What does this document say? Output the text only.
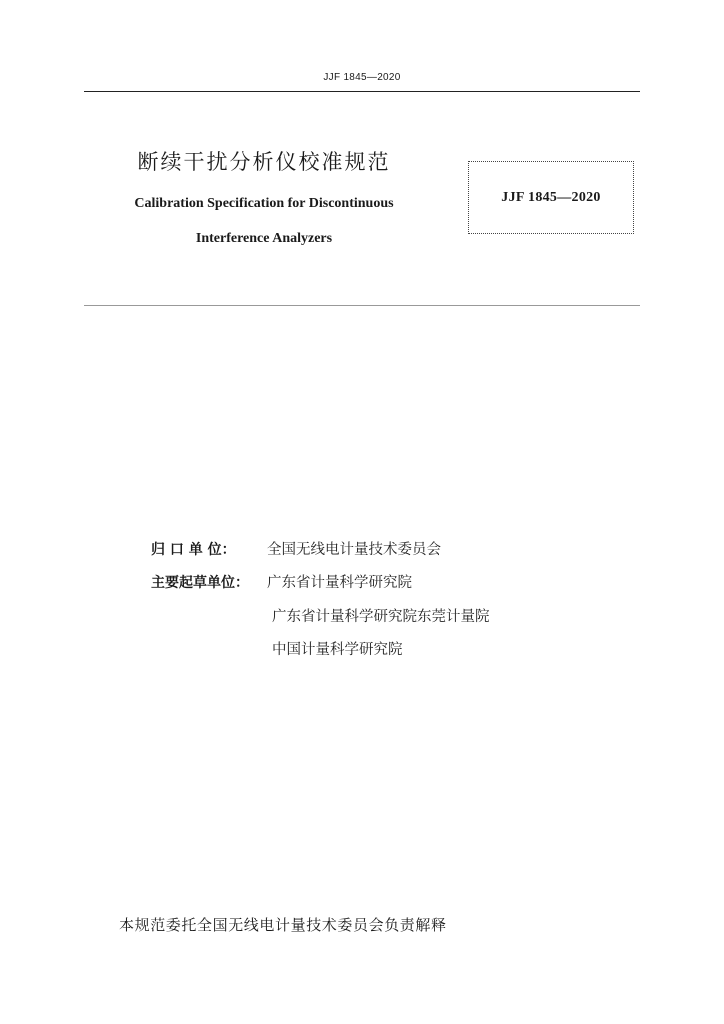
JJF 1845—2020
断续干扰分析仪校准规范
Calibration Specification for Discontinuous
Interference Analyzers
JJF 1845—2020
归 口 单 位： 全国无线电计量技术委员会
主要起草单位： 广东省计量科学研究院
广东省计量科学研究院东莞计量院
中国计量科学研究院
本规范委托全国无线电计量技术委员会负责解释
